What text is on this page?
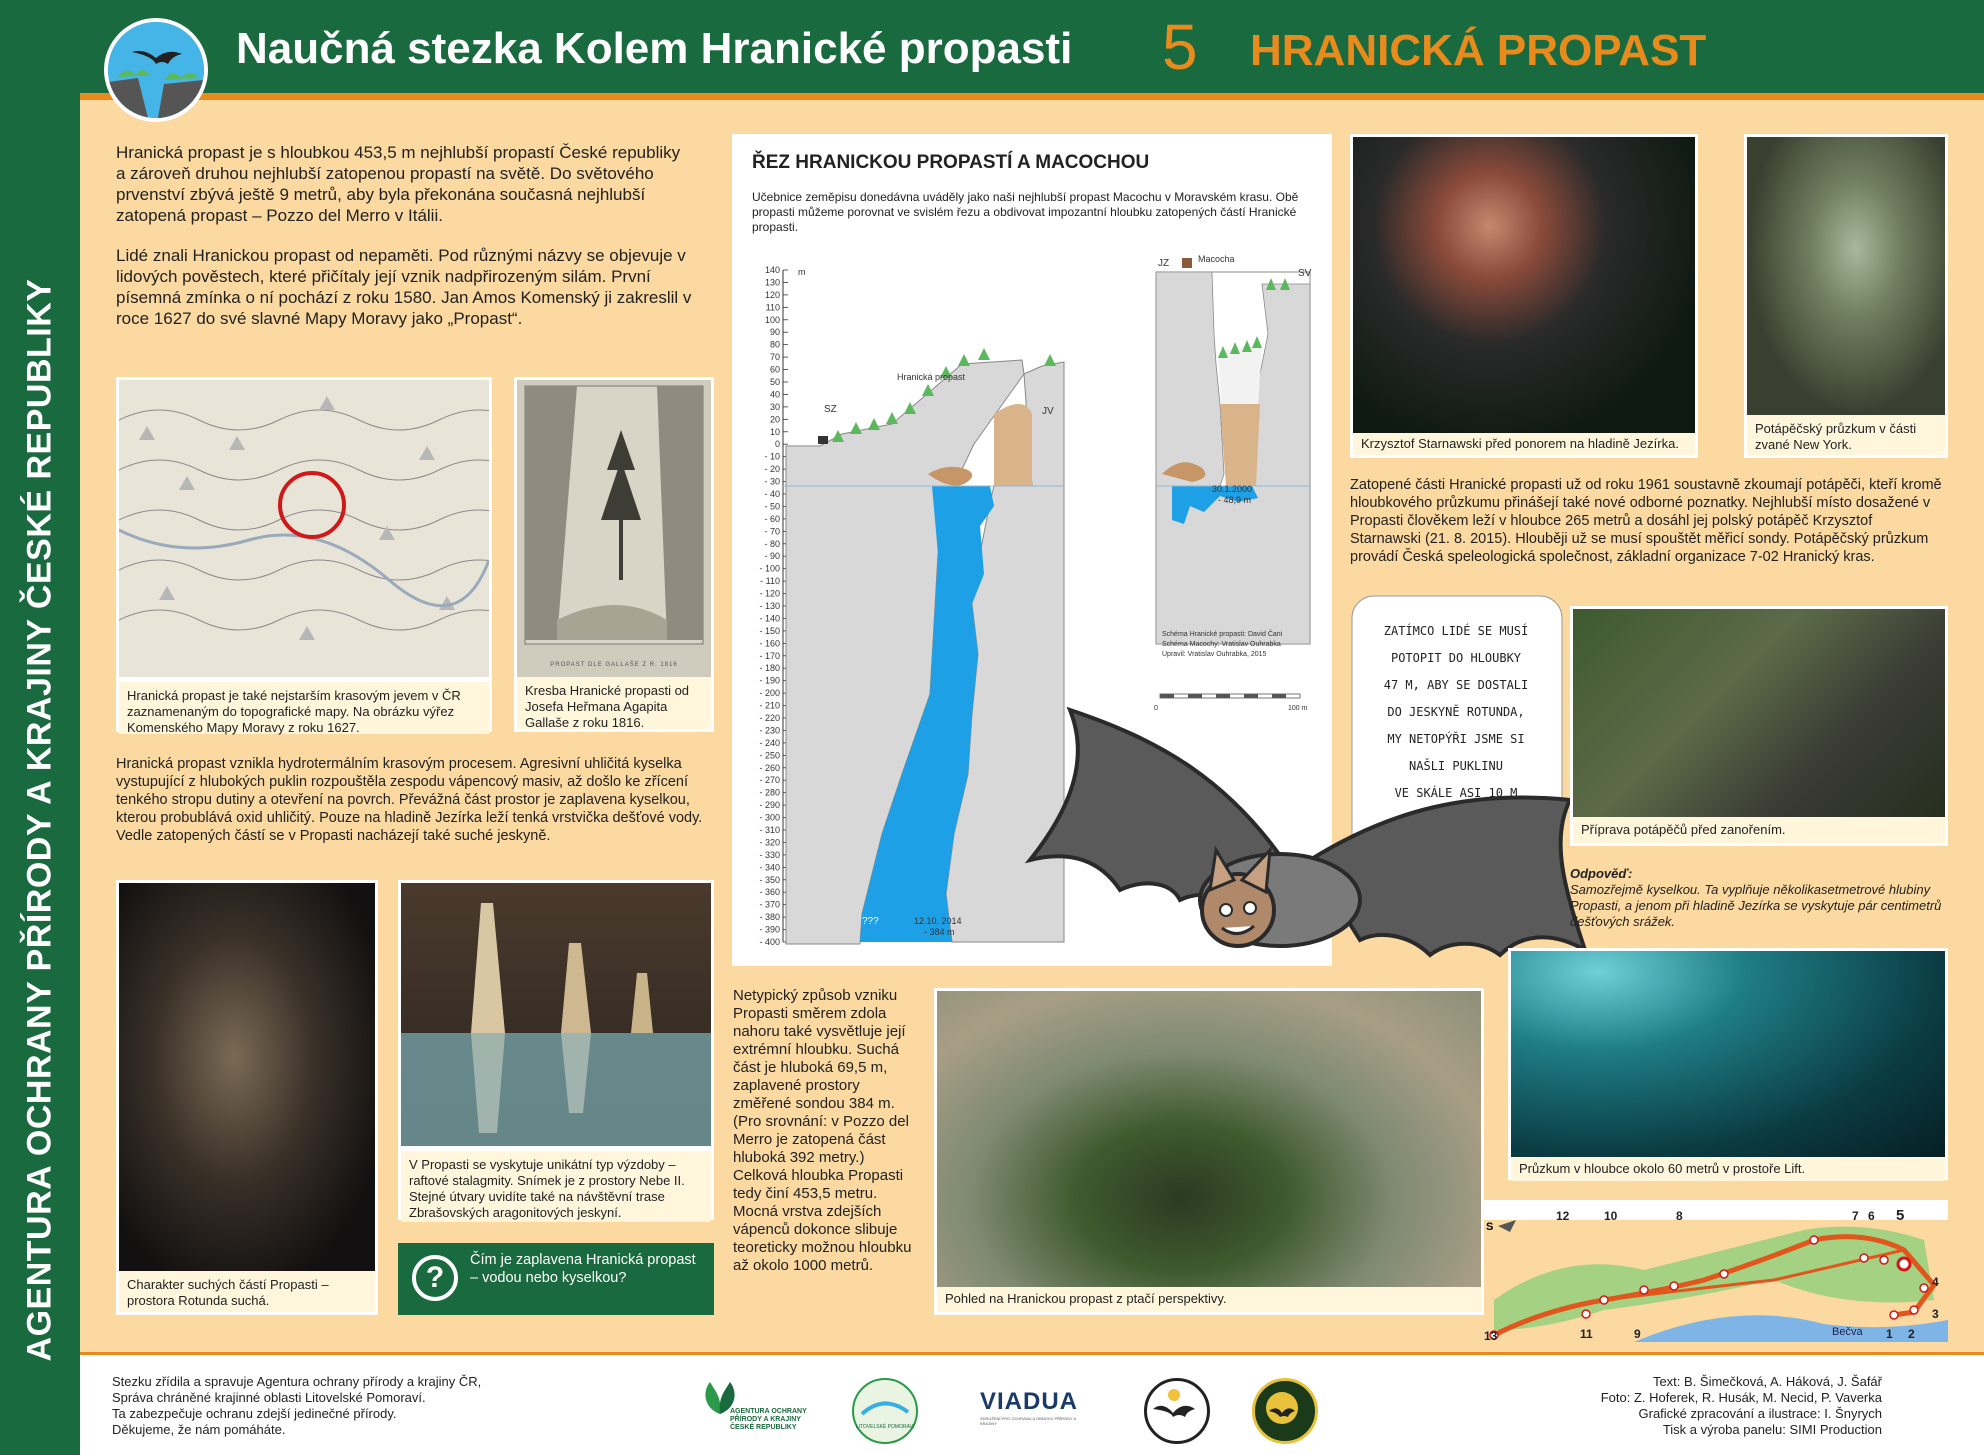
AGENTURA OCHRANY PŘÍRODY A KRAJINY ČESKÉ REPUBLIKY
Naučná stezka Kolem Hranické propasti 5 HRANICKÁ PROPAST
Hranická propast je s hloubkou 453,5 m nejhlubší propastí České republiky a zároveň druhou nejhlubší zatopenou propastí na světě. Do světového prvenství zbývá ještě 9 metrů, aby byla překonána současná nejhlubší zatopená propast – Pozzo del Merro v Itálii.
Lidé znali Hranickou propast od nepaměti. Pod různými názvy se objevuje v lidových pověstech, které přičítaly její vznik nadpřirozeným silám. První písemná zmínka o ní pochází z roku 1580. Jan Amos Komenský ji zakreslil v roce 1627 do své slavné Mapy Moravy jako „Propast“.
Hranická propast je také nejstarším krasovým jevem v ČR zaznamenaným do topografické mapy. Na obrázku výřez Komenského Mapy Moravy z roku 1627.
PROPAST DLE GALLAŠE Z R. 1816
Kresba Hranické propasti od Josefa Heřmana Agapita Gallaše z roku 1816.
Hranická propast vznikla hydrotermálním krasovým procesem. Agresivní uhličitá kyselka vystupující z hlubokých puklin rozpouštěla zespodu vápencový masiv, až došlo ke zřícení tenkého stropu dutiny a otevření na povrch. Převážná část prostor je zaplavena kyselkou, kterou probublává oxid uhličitý. Pouze na hladině Jezírka leží tenká vrstvička dešťové vody. Vedle zatopených částí se v Propasti nacházejí také suché jeskyně.
Charakter suchých částí Propasti – prostora Rotunda suchá.
V Propasti se vyskytuje unikátní typ výzdoby – raftové stalagmity. Snímek je z prostory Nebe II. Stejné útvary uvidíte také na návštěvní trase Zbrašovských aragonitových jeskyní.
?
Čím je zaplavena Hranická propast – vodou nebo kyselkou?
ŘEZ HRANICKOU PROPASTÍ A MACOCHOU
Učebnice zeměpisu donedávna uváděly jako naši nejhlubší propast Macochu v Moravském krasu. Obě propasti můžeme porovnat ve svislém řezu a obdivovat impozantní hloubku zatopených částí Hranické propasti.
140
130
120
110
100
90
80
70
60
50
40
30
20
10
0
- 10
- 20
- 30
- 40
- 50
- 60
- 70
- 80
- 90
- 100
- 110
- 120
- 130
- 140
- 150
- 160
- 170
- 180
- 190
- 200
- 210
- 220
- 230
- 240
- 250
- 260
- 270
- 280
- 290
- 300
- 310
- 320
- 330
- 340
- 350
- 360
- 370
- 380
- 390
- 400
m
Hranická propast
SZ	JV
???	12.10. 2014
- 384 m
JZ	Macocha
SV
30.1.2000
- 48,9 m
Schéma Hranické propasti: David Čani
Schéma Macochy: Vratislav Ouhrabka
Upravil: Vratislav Ouhrabka, 2015
0	100 m
Netypický způsob vzniku Propasti směrem zdola nahoru také vysvětluje její extrémní hloubku. Suchá část je hluboká 69,5 m, zaplavené prostory změřené sondou 384 m. (Pro srovnání: v Pozzo del Merro je zatopená část hluboká 392 metry.) Celková hloubka Propasti tedy činí 453,5 metru. Mocná vrstva zdejších vápenců dokonce slibuje teoreticky možnou hloubku až okolo 1000 metrů.
Pohled na Hranickou propast z ptačí perspektivy.
Krzysztof Starnawski před ponorem na hladině Jezírka.
Potápěčský průzkum v části zvané New York.
Zatopené části Hranické propasti už od roku 1961 soustavně zkoumají potápěči, kteří kromě hloubkového průzkumu přinášejí také nové odborné poznatky. Nejhlubší místo dosažené v Propasti člověkem leží v hloubce 265 metrů a dosáhl jej polský potápěč Krzysztof Starnawski (21. 8. 2015). Hlouběji už se musí spouštět měřicí sondy. Potápěčský průzkum provádí Česká speleologická společnost, základní organizace 7-02 Hranický kras.
ZATÍMCO LIDÉ SE MUSÍ
POTOPIT DO HLOUBKY
47 M, ABY SE DOSTALI
DO JESKYNĚ ROTUNDA,
MY NETOPÝŘI JSME SI
NAŠLI PUKLINU
VE SKÁLE ASI 10 M
Příprava potápěčů před zanořením.
Odpověď:
Samozřejmě kyselkou. Ta vyplňuje několikasetmetrové hlubiny Propasti, a jenom při hladině Jezírka se vyskytuje pár centimetrů dešťových srážek.
Průzkum v hloubce okolo 60 metrů v prostoře Lift.
S
Bečva
12	10	8	7 6 5
4
3
2
1
9
11
13
Stezku zřídila a spravuje Agentura ochrany přírody a krajiny ČR,
Správa chráněné krajinné oblasti Litovelské Pomoraví.
Ta zabezpečuje ochranu zdejší jedinečné přírody.
Děkujeme, že nám pomáháte.
AGENTURA OCHRANY
PŘÍRODY A KRAJINY
ČESKÉ REPUBLIKY	LITOVELSKÉ POMORAVÍ
VIADUA
SDRUŽENÍ PRO OCHRANU A OBNOVU PŘÍRODY A KRAJINY
Text: B. Šimečková, A. Háková, J. Šafář
Foto: Z. Hoferek, R. Husák, M. Necid, P. Vaverka
Grafické zpracování a ilustrace: I. Šnyrych
Tisk a výroba panelu: SIMI Production
